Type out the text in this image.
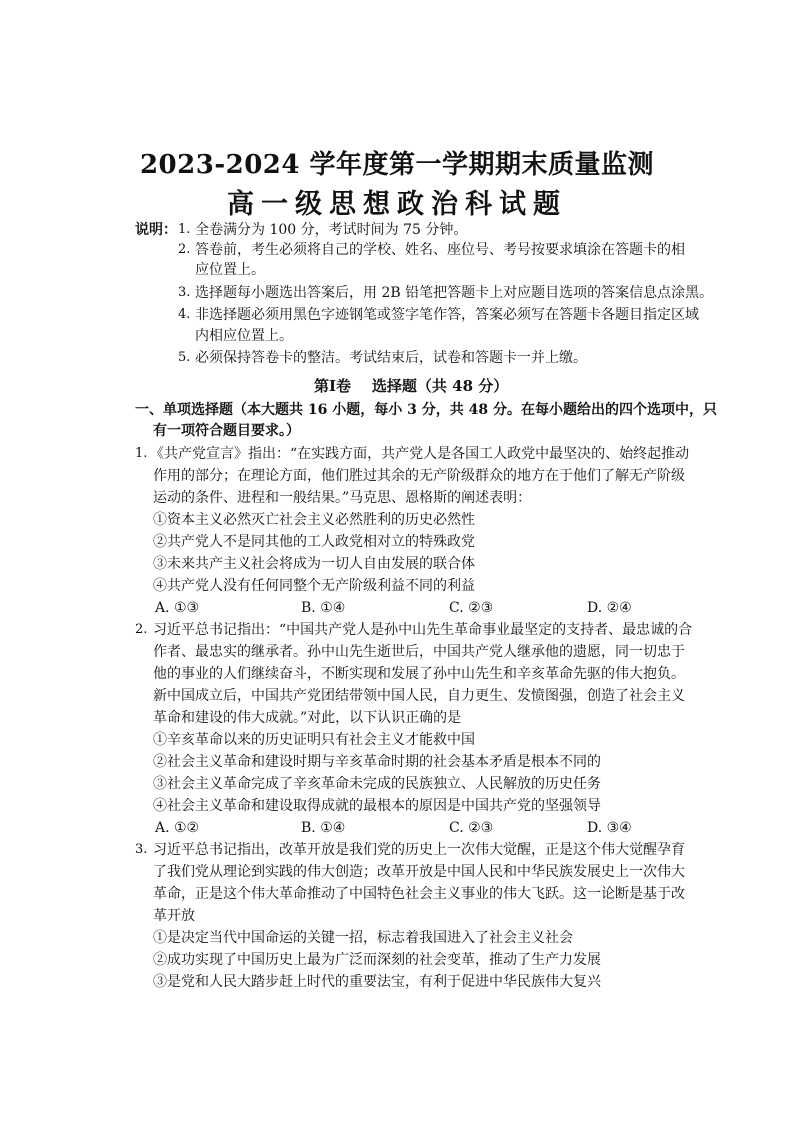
2023-2024 学年度第一学期期末质量监测
高一级思想政治科试题
说明： 1. 全卷满分为 100 分，考试时间为 75 分钟。
2. 答卷前，考生必须将自己的学校、姓名、座位号、考号按要求填涂在答题卡的相
应位置上。
3. 选择题每小题选出答案后，用 2B 铅笔把答题卡上对应题目选项的答案信息点涂黑。
4. 非选择题必须用黑色字迹钢笔或签字笔作答，答案必须写在答题卡各题目指定区域
内相应位置上。
5. 必须保持答卷卡的整洁。考试结束后，试卷和答题卡一并上缴。
第Ⅰ卷    选择题（共 48 分）
一、单项选择题（本大题共 16 小题，每小 3 分，共 48 分。在每小题给出的四个选项中，只
有一项符合题目要求。）
1. 《共产党宣言》指出：“在实践方面，共产党人是各国工人政党中最坚决的、始终起推动
作用的部分；在理论方面，他们胜过其余的无产阶级群众的地方在于他们了解无产阶级
运动的条件、进程和一般结果。”马克思、恩格斯的阐述表明：
①资本主义必然灭亡社会主义必然胜利的历史必然性
②共产党人不是同其他的工人政党相对立的特殊政党
③未来共产主义社会将成为一切人自由发展的联合体
④共产党人没有任何同整个无产阶级利益不同的利益
A. ①③	B. ①④	C. ②③	D. ②④
2. 习近平总书记指出：“中国共产党人是孙中山先生革命事业最坚定的支持者、最忠诚的合
作者、最忠实的继承者。孙中山先生逝世后，中国共产党人继承他的遗愿，同一切忠于
他的事业的人们继续奋斗，不断实现和发展了孙中山先生和辛亥革命先驱的伟大抱负。
新中国成立后，中国共产党团结带领中国人民，自力更生、发愤图强，创造了社会主义
革命和建设的伟大成就。”对此，以下认识正确的是
①辛亥革命以来的历史证明只有社会主义才能救中国
②社会主义革命和建设时期与辛亥革命时期的社会基本矛盾是根本不同的
③社会主义革命完成了辛亥革命未完成的民族独立、人民解放的历史任务
④社会主义革命和建设取得成就的最根本的原因是中国共产党的坚强领导
A. ①②	B. ①④	C. ②③	D. ③④
3. 习近平总书记指出，改革开放是我们党的历史上一次伟大觉醒，正是这个伟大觉醒孕育
了我们党从理论到实践的伟大创造；改革开放是中国人民和中华民族发展史上一次伟大
革命，正是这个伟大革命推动了中国特色社会主义事业的伟大飞跃。这一论断是基于改
革开放
①是决定当代中国命运的关键一招，标志着我国进入了社会主义社会
②成功实现了中国历史上最为广泛而深刻的社会变革，推动了生产力发展
③是党和人民大踏步赶上时代的重要法宝，有利于促进中华民族伟大复兴
